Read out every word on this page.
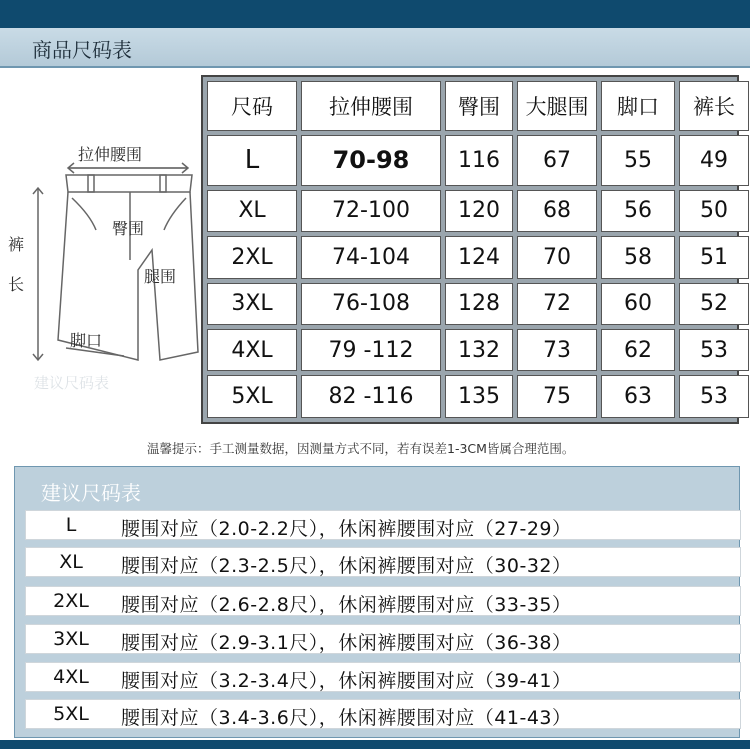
商品尺码表
拉伸腰围
裤
长
臀围
腿围
脚口
建议尺码表
尺码	拉伸腰围	臀围	大腿围	脚口	裤长
L	70-98	116	67	55	49
XL	72-100	120	68	56	50
2XL	74-104	124	70	58	51
3XL	76-108	128	72	60	52
4XL	79 -112	132	73	62	53
5XL	82 -116	135	75	63	53
温馨提示：手工测量数据，因测量方式不同，若有误差1-3CM皆属合理范围。
建议尺码表
L	腰围对应（2.0-2.2尺），休闲裤腰围对应（27-29）
XL	腰围对应（2.3-2.5尺），休闲裤腰围对应（30-32）
2XL	腰围对应（2.6-2.8尺），休闲裤腰围对应（33-35）
3XL	腰围对应（2.9-3.1尺），休闲裤腰围对应（36-38）
4XL	腰围对应（3.2-3.4尺），休闲裤腰围对应（39-41）
5XL	腰围对应（3.4-3.6尺），休闲裤腰围对应（41-43）
